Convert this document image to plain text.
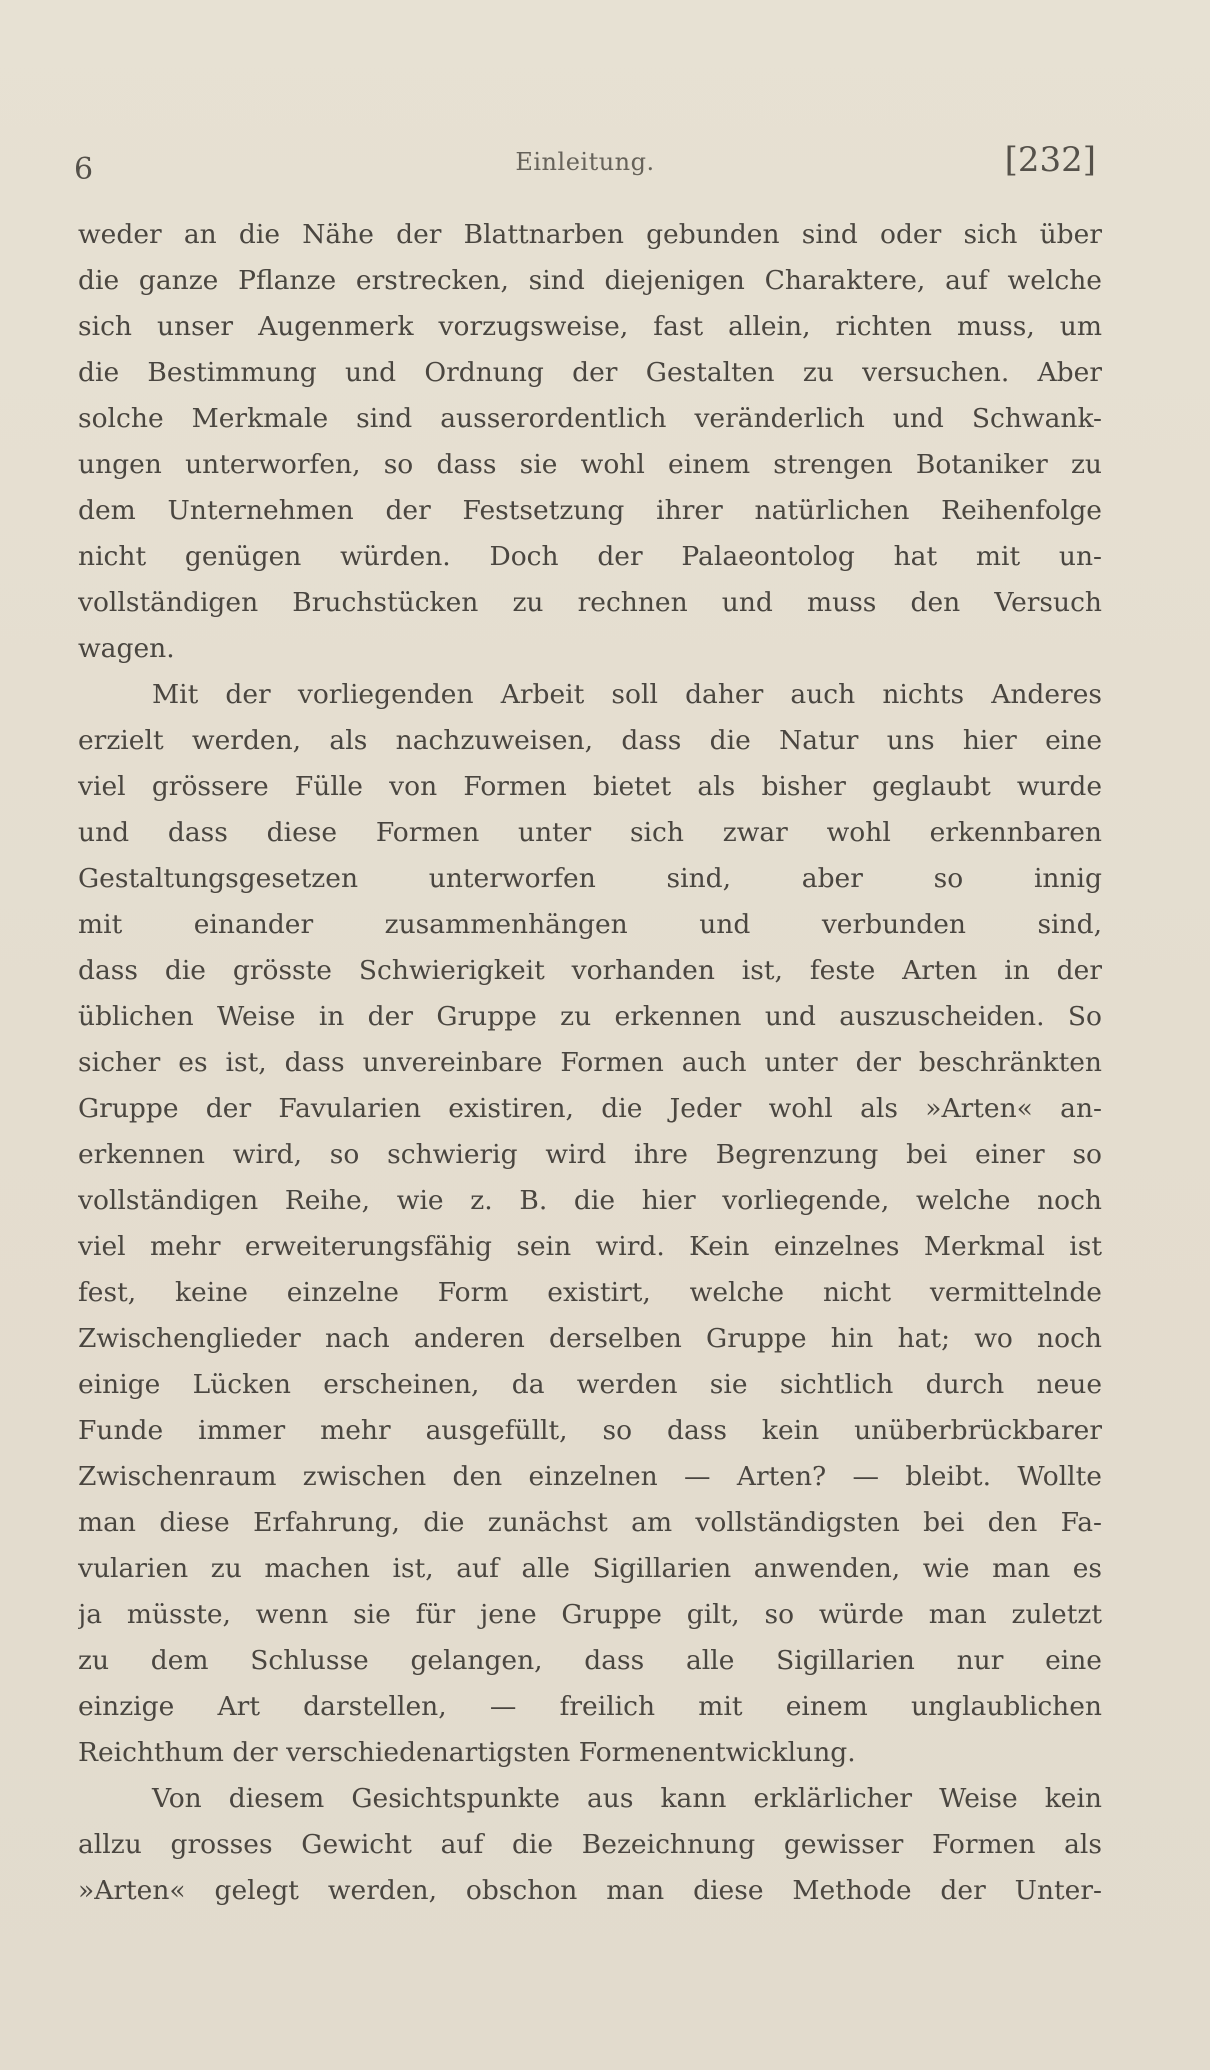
6	Einleitung.	[232]
weder an die Nähe der Blattnarben gebunden sind oder sich über
die ganze Pflanze erstrecken, sind diejenigen Charaktere, auf welche
sich unser Augenmerk vorzugsweise, fast allein, richten muss, um
die Bestimmung und Ordnung der Gestalten zu versuchen. Aber
solche Merkmale sind ausserordentlich veränderlich und Schwank-
ungen unterworfen, so dass sie wohl einem strengen Botaniker zu
dem Unternehmen der Festsetzung ihrer natürlichen Reihenfolge
nicht genügen würden. Doch der Palaeontolog hat mit un-
vollständigen Bruchstücken zu rechnen und muss den Versuch
wagen.
Mit der vorliegenden Arbeit soll daher auch nichts Anderes
erzielt werden, als nachzuweisen, dass die Natur uns hier eine
viel grössere Fülle von Formen bietet als bisher geglaubt wurde
und dass diese Formen unter sich zwar wohl erkennbaren
Gestaltungsgesetzen unterworfen sind, aber so innig
mit einander zusammenhängen und verbunden sind,
dass die grösste Schwierigkeit vorhanden ist, feste Arten in der
üblichen Weise in der Gruppe zu erkennen und auszuscheiden. So
sicher es ist, dass unvereinbare Formen auch unter der beschränkten
Gruppe der Favularien existiren, die Jeder wohl als »Arten« an-
erkennen wird, so schwierig wird ihre Begrenzung bei einer so
vollständigen Reihe, wie z. B. die hier vorliegende, welche noch
viel mehr erweiterungsfähig sein wird. Kein einzelnes Merkmal ist
fest, keine einzelne Form existirt, welche nicht vermittelnde
Zwischenglieder nach anderen derselben Gruppe hin hat; wo noch
einige Lücken erscheinen, da werden sie sichtlich durch neue
Funde immer mehr ausgefüllt, so dass kein unüberbrückbarer
Zwischenraum zwischen den einzelnen — Arten? — bleibt. Wollte
man diese Erfahrung, die zunächst am vollständigsten bei den Fa-
vularien zu machen ist, auf alle Sigillarien anwenden, wie man es
ja müsste, wenn sie für jene Gruppe gilt, so würde man zuletzt
zu dem Schlusse gelangen, dass alle Sigillarien nur eine
einzige Art darstellen, — freilich mit einem unglaublichen
Reichthum der verschiedenartigsten Formenentwicklung.
Von diesem Gesichtspunkte aus kann erklärlicher Weise kein
allzu grosses Gewicht auf die Bezeichnung gewisser Formen als
»Arten« gelegt werden, obschon man diese Methode der Unter-
